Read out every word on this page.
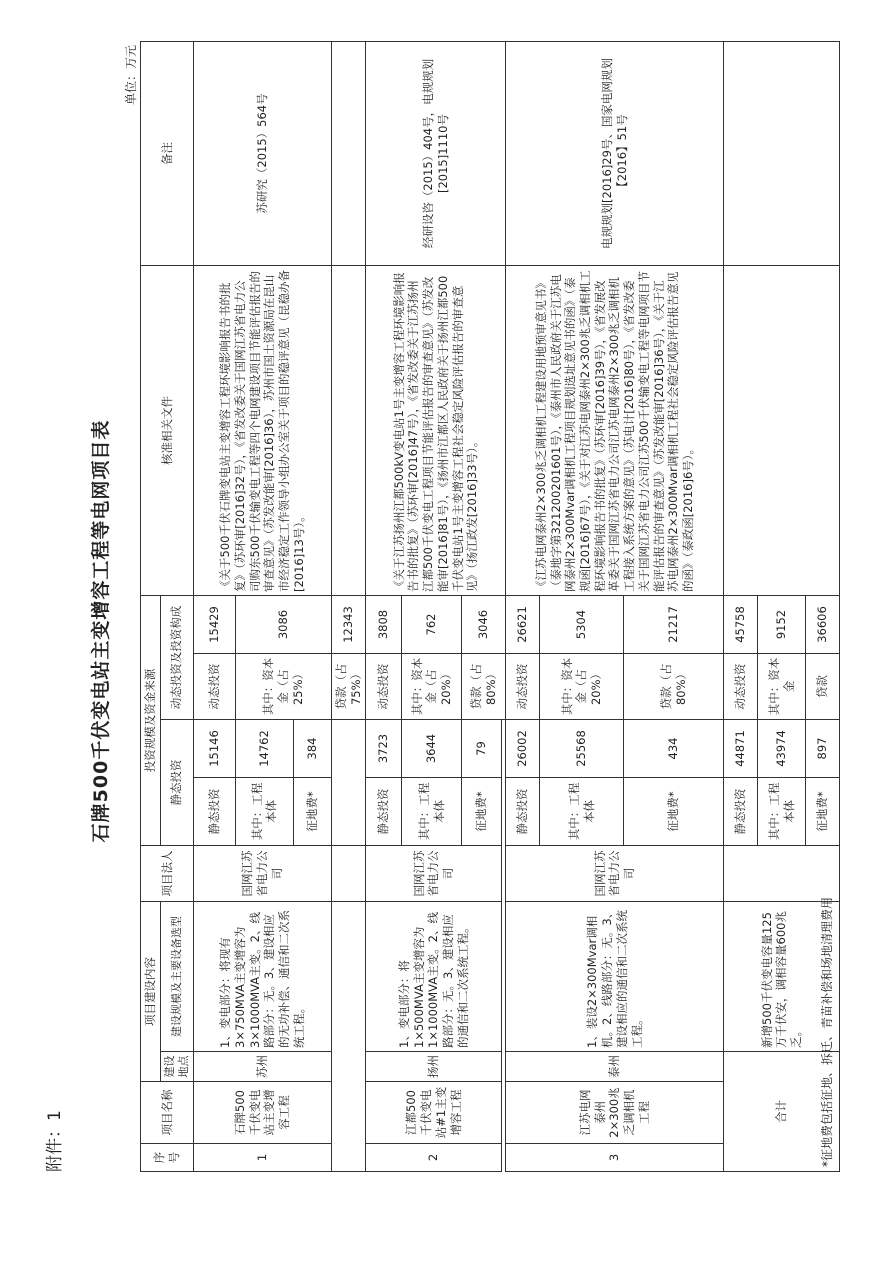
附件：1
石牌500千伏变电站主变增容工程等电网项目表
单位：万元
序号	项目名称	项目建设内容		项目法人	投资规模及资金来源				核准相关文件	备注
		建设地点	建设规模及主要设备选型		静态投资		动态投资及投资构成			
1	石牌500千伏变电站主变增容工程	苏州	1、变电部分：将现有3×750MVA主变增容为3×1000MVA主变。2、线路部分：无。3、建设相应的无功补偿、通信和二次系统工程。	国网江苏省电力公司	静态投资	15146	动态投资	15429	《关于500千伏石牌变电站主变增容工程环境影响报告书的批复》（苏环审[2016]32号），《省发改委关于国网江苏省电力公司购东500千伏输变电工程等四个电网建设项目节能评估报告的审查意见》（苏发改能审[2016]36），苏州市国土资源局在昆山市经济稳定工作领导小组办公室关于项目的稳评意见（昆稳办备[2016]13号）。	苏研究（2015）564号
					其中：工程本体	14762	其中：资本金（占25%）	3086		
					征地费*	384				
							贷款（占75%）	12343		
2	江都500千伏变电站#1主变增容工程	扬州	1、变电部分：将1×500MVA主变增容为1×1000MVA主变。2、线路部分：无。3、建设相应的通信和二次系统工程。	国网江苏省电力公司	静态投资	3723	动态投资	3808	《关于江苏扬州江都500kV变电站1号主变增容工程环境影响报告书的批复》（苏环审[2016]47号），《省发改委关于江苏扬州江都500千伏变电工程项目节能评估报告的审查意见》（苏发改能审[2016]81号），《扬州市江都区人民政府关于扬州江都500千伏变电站1号主变增容工程社会稳定风险评估报告的审查意见》（扬江政发[2016]33号）。	经研设咨（2015）404号，电规规划[2015]1110号
					其中：工程本体	3644	其中：资本金（占20%）	762		
					征地费*	79	贷款（占80%）	3046		

3	江苏电网泰州2×300兆乏调相机工程	泰州	1、装设2×300Mvar调相机。2、线路部分：无。3、建设相应的通信和二次系统工程。	国网江苏省电力公司	静态投资	26002	动态投资	26621	《江苏电网泰州2×300兆乏调相机工程建设用地预审意见书》（泰地字第321200201601号），《泰州市人民政府关于江苏电网泰州2×300Mvar调相机工程项目规划选址意见书的函》（泰规函[2016]67号），《关于对江苏电网泰州2×300兆乏调相机工程环境影响报告书的批复》（苏环审[2016]39号），《省发展改革委关于国网江苏省电力公司江苏电网泰州2×300兆乏调相机工程接入系统方案的意见》（苏电计[2016]80号），《省发改委关于国网江苏省电力公司江苏500千伏输变电工程等电网项目节能评估报告的审查意见》（苏发改能审[2016]36号），《关于江苏电网泰州2×300Mvar调相机工程社会稳定风险评估报告意见的函》（泰政函[2016]6号）。	电规规划[2016]29号、国家电网规划【2016】51号
					其中：工程本体	25568	其中：资本金（占20%）	5304		
					征地费*	434	贷款（占80%）	21217		
合计			新增500千伏变电容量125万千伏安，调相容量600兆乏。		静态投资	44871	动态投资	45758		
					其中：工程本体	43974	其中：资本金	9152		
					征地费*	897	贷款	36606		
*征地费包括征地、拆迁、青苗补偿和场地清理费用
